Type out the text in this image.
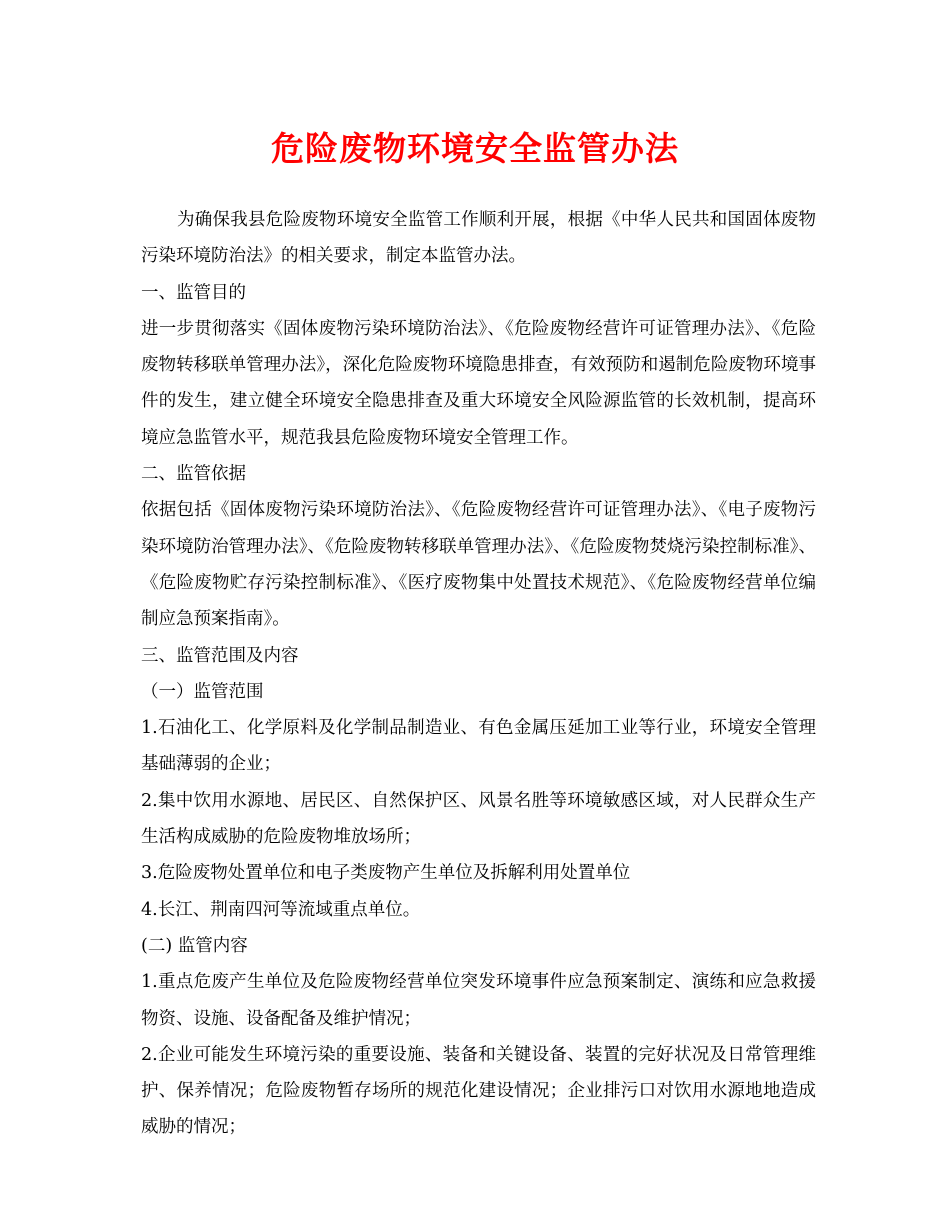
危险废物环境安全监管办法

为确保我县危险废物环境安全监管工作顺利开展，根据《中华人民共和国固体废物污染环境防治法》的相关要求，制定本监管办法。

一、监管目的

进一步贯彻落实《固体废物污染环境防治法》、《危险废物经营许可证管理办法》、《危险废物转移联单管理办法》，深化危险废物环境隐患排查，有效预防和遏制危险废物环境事件的发生，建立健全环境安全隐患排查及重大环境安全风险源监管的长效机制，提高环境应急监管水平，规范我县危险废物环境安全管理工作。

二、监管依据

依据包括《固体废物污染环境防治法》、《危险废物经营许可证管理办法》、《电子废物污染环境防治管理办法》、《危险废物转移联单管理办法》、《危险废物焚烧污染控制标准》、《危险废物贮存污染控制标准》、《医疗废物集中处置技术规范》、《危险废物经营单位编制应急预案指南》。

三、监管范围及内容

（一）监管范围

1.石油化工、化学原料及化学制品制造业、有色金属压延加工业等行业，环境安全管理基础薄弱的企业；

2.集中饮用水源地、居民区、自然保护区、风景名胜等环境敏感区域，对人民群众生产生活构成威胁的危险废物堆放场所；

3.危险废物处置单位和电子类废物产生单位及拆解利用处置单位

4.长江、荆南四河等流域重点单位。

(二) 监管内容

1.重点危废产生单位及危险废物经营单位突发环境事件应急预案制定、演练和应急救援物资、设施、设备配备及维护情况；

2.企业可能发生环境污染的重要设施、装备和关键设备、装置的完好状况及日常管理维护、保养情况；危险废物暂存场所的规范化建设情况；企业排污口对饮用水源地地造成威胁的情况；
